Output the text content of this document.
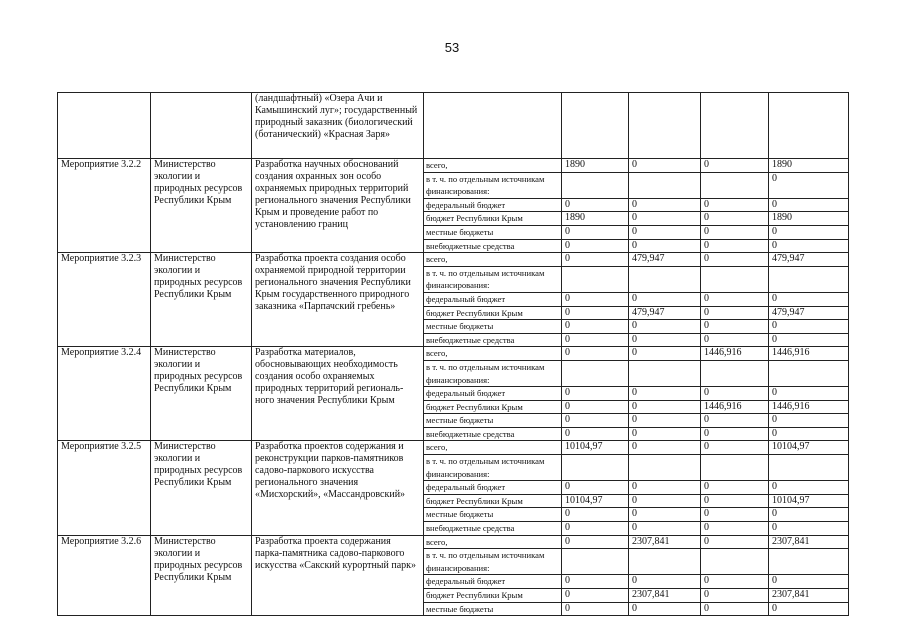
53
		(ландшафтный) «Озера Ачи и Камышинский луг»; государственный природный заказник (биологический (ботанический) «Красная Заря»					
Мероприятие 3.2.2	Министерство экологии и природных ресурсов Республики Крым	Разработка научных обоснований создания охранных зон особо охраняемых природных территорий регионального значения Республики Крым и проведение работ по установлению границ	всего,	1890	0	0	1890
			в т. ч. по отдельным источникам финансирования:				0
			федеральный бюджет	0	0	0	0
			бюджет Республики Крым	1890	0	0	1890
			местные бюджеты	0	0	0	0
			внебюджетные средства	0	0	0	0
Мероприятие 3.2.3	Министерство экологии и природных ресурсов Республики Крым	Разработка проекта создания особо охраняемой природной территории регионального значения Республики Крым государственного природного заказника «Парпачский гребень»	всего,	0	479,947	0	479,947
			в т. ч. по отдельным источникам финансирования:				
			федеральный бюджет	0	0	0	0
			бюджет Республики Крым	0	479,947	0	479,947
			местные бюджеты	0	0	0	0
			внебюджетные средства	0	0	0	0
Мероприятие 3.2.4	Министерство экологии и природных ресурсов Республики Крым	Разработка материалов, обосновывающих необходимость создания особо охраняемых природных территорий региональ-ного значения Республики Крым	всего,	0	0	1446,916	1446,916
			в т. ч. по отдельным источникам финансирования:				
			федеральный бюджет	0	0	0	0
			бюджет Республики Крым	0	0	1446,916	1446,916
			местные бюджеты	0	0	0	0
			внебюджетные средства	0	0	0	0
Мероприятие 3.2.5	Министерство экологии и природных ресурсов Республики Крым	Разработка проектов содержания и реконструкции парков-памятников садово-паркового искусства регионального значения «Мисхорский», «Массандровский»	всего,	10104,97	0	0	10104,97
			в т. ч. по отдельным источникам финансирования:				
			федеральный бюджет	0	0	0	0
			бюджет Республики Крым	10104,97	0	0	10104,97
			местные бюджеты	0	0	0	0
			внебюджетные средства	0	0	0	0
Мероприятие 3.2.6	Министерство экологии и природных ресурсов Республики Крым	Разработка проекта содержания парка-памятника садово-паркового искусства «Сакский курортный парк»	всего,	0	2307,841	0	2307,841
			в т. ч. по отдельным источникам финансирования:				
			федеральный бюджет	0	0	0	0
			бюджет Республики Крым	0	2307,841	0	2307,841
			местные бюджеты	0	0	0	0
